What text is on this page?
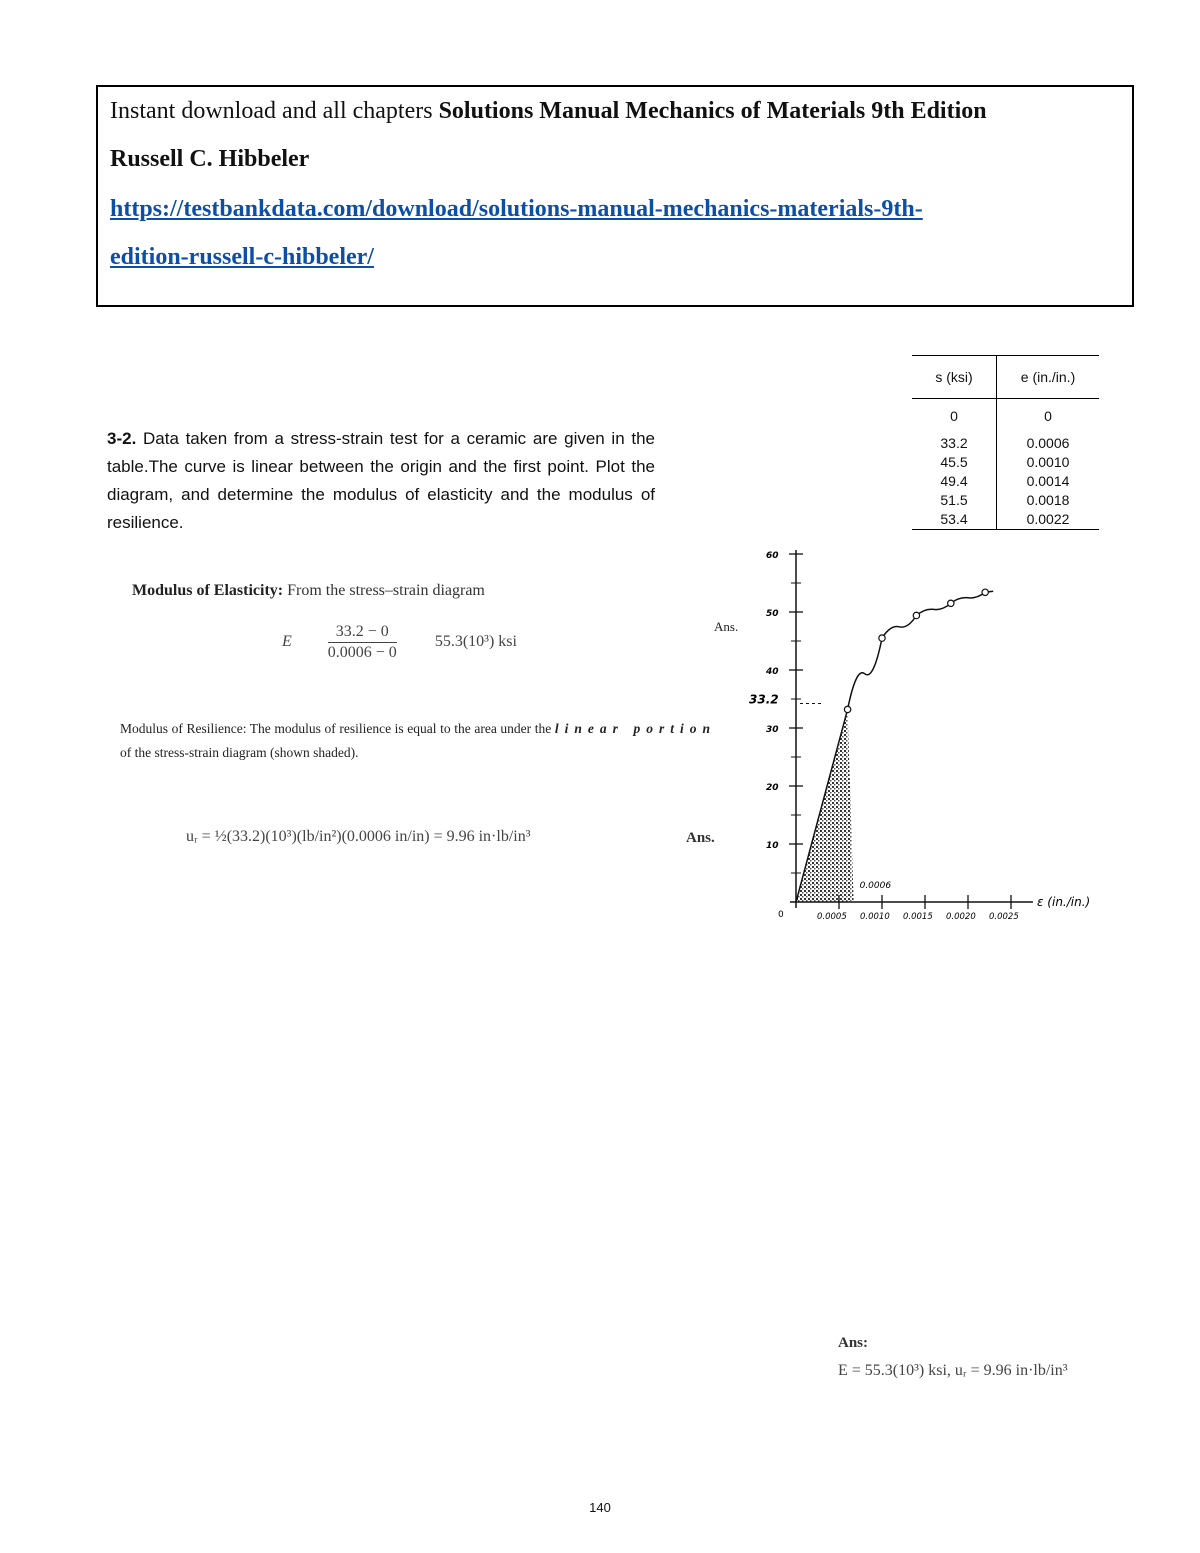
Instant download and all chapters Solutions Manual Mechanics of Materials 9th Edition
Russell C. Hibbeler
https://testbankdata.com/download/solutions-manual-mechanics-materials-9th-
edition-russell-c-hibbeler/
s (ksi)	e (in./in.)

0	0

33.2	0.0006
45.5	0.0010
49.4	0.0014
51.5	0.0018
53.4	0.0022
3-2. Data taken from a stress-strain test for a ceramic are given in the table.The curve is linear between the origin and the first point. Plot the diagram, and determine the modulus of elasticity and the modulus of resilience.
Modulus of Elasticity: From the stress–strain diagram
E $\frac{33.2 - 0}{0.0006 - 0} 55.3(10^3)$ ksi
Ans.
Modulus of Resilience: The modulus of resilience is equal to the area under the linear portion of the stress-strain diagram (shown shaded).
uᵣ = ½(33.2)(10³)(lb/in²)(0.0006 in/in) = 9.96 in·lb/in³	Ans.	10
20
30
40
50
60
0.0005 0.0010 0.0015 0.0020 0.0025
ε (in./in.)
0
33.2
0.0006
Ans:
E = 55.3(10³) ksi, uᵣ = 9.96 in·lb/in³
140
